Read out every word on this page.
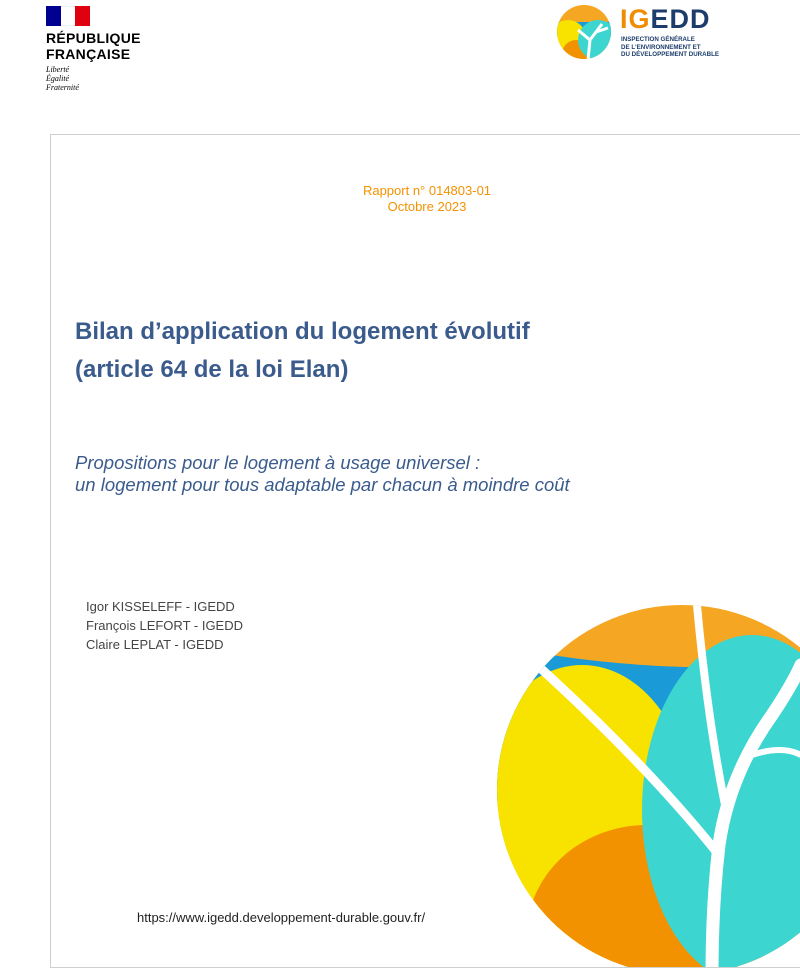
RÉPUBLIQUE
FRANÇAISE
Liberté
Égalité
Fraternité
IGEDD
INSPECTION GÉNÉRALE
DE L'ENVIRONNEMENT ET
DU DÉVELOPPEMENT DURABLE
Rapport n° 014803-01
Octobre 2023
Bilan d’application du logement évolutif
(article 64 de la loi Elan)
Propositions pour le logement à usage universel :
un logement pour tous adaptable par chacun à moindre coût
Igor KISSELEFF - IGEDD
François LEFORT - IGEDD
Claire LEPLAT - IGEDD
https://www.igedd.developpement-durable.gouv.fr/
